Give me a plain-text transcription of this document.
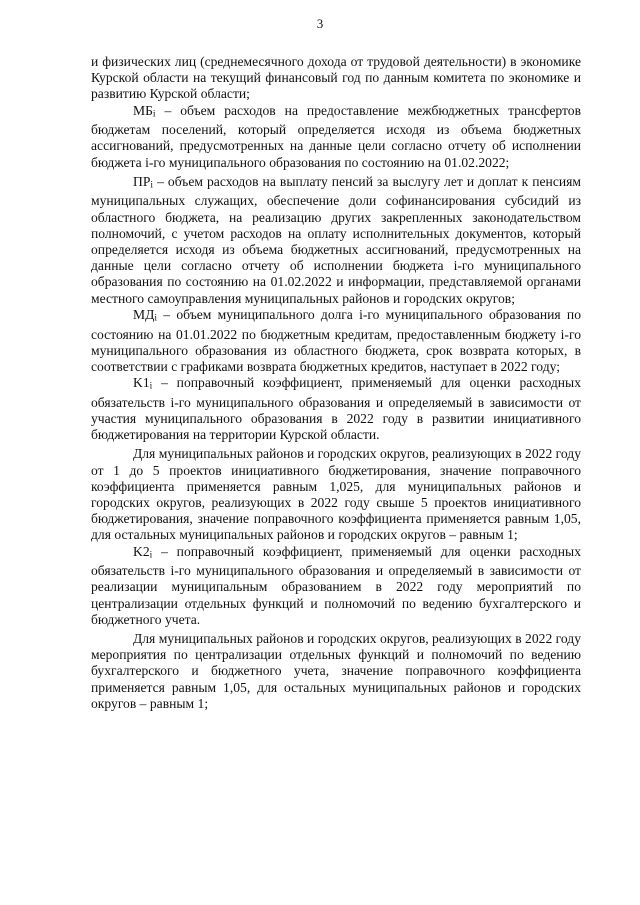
3

и физических лиц (среднемесячного дохода от трудовой деятельности) в экономике Курской области на текущий финансовый год по данным комитета по экономике и развитию Курской области;

МБi – объем расходов на предоставление межбюджетных трансфертов бюджетам поселений, который определяется исходя из объема бюджетных ассигнований, предусмотренных на данные цели согласно отчету об исполнении бюджета i-го муниципального образования по состоянию на 01.02.2022;

ПРi – объем расходов на выплату пенсий за выслугу лет и доплат к пенсиям муниципальных служащих, обеспечение доли софинансирования субсидий из областного бюджета, на реализацию других закрепленных законодательством полномочий, с учетом расходов на оплату исполнительных документов, который определяется исходя из объема бюджетных ассигнований, предусмотренных на данные цели согласно отчету об исполнении бюджета i-го муниципального образования по состоянию на 01.02.2022 и информации, представляемой органами местного самоуправления муниципальных районов и городских округов;

МДi – объем муниципального долга i-го муниципального образования по состоянию на 01.01.2022 по бюджетным кредитам, предоставленным бюджету i-го муниципального образования из областного бюджета, срок возврата которых, в соответствии с графиками возврата бюджетных кредитов, наступает в 2022 году;

K1i – поправочный коэффициент, применяемый для оценки расходных обязательств i-го муниципального образования и определяемый в зависимости от участия муниципального образования в 2022 году в развитии инициативного бюджетирования на территории Курской области.

Для муниципальных районов и городских округов, реализующих в 2022 году от 1 до 5 проектов инициативного бюджетирования, значение поправочного коэффициента применяется равным 1,025, для муниципальных районов и городских округов, реализующих в 2022 году свыше 5 проектов инициативного бюджетирования, значение поправочного коэффициента применяется равным 1,05, для остальных муниципальных районов и городских округов – равным 1;

K2i – поправочный коэффициент, применяемый для оценки расходных обязательств i-го муниципального образования и определяемый в зависимости от реализации муниципальным образованием в 2022 году мероприятий по централизации отдельных функций и полномочий по ведению бухгалтерского и бюджетного учета.

Для муниципальных районов и городских округов, реализующих в 2022 году мероприятия по централизации отдельных функций и полномочий по ведению бухгалтерского и бюджетного учета, значение поправочного коэффициента применяется равным 1,05, для остальных муниципальных районов и городских округов – равным 1;
